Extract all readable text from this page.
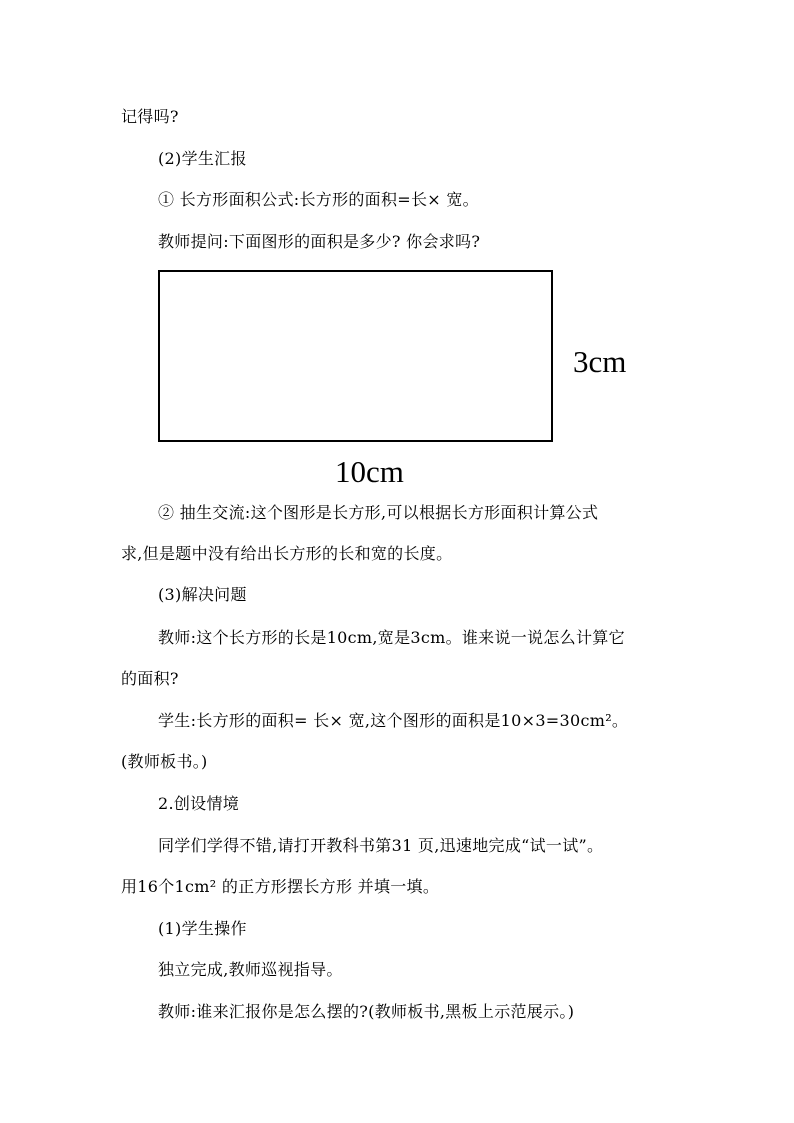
记得吗?
(2)学生汇报
① 长方形面积公式:长方形的面积=长× 宽。
教师提问:下面图形的面积是多少? 你会求吗?
3cm
10cm
② 抽生交流:这个图形是长方形,可以根据长方形面积计算公式
求,但是题中没有给出长方形的长和宽的长度。
(3)解决问题
教师:这个长方形的长是10cm,宽是3cm。谁来说一说怎么计算它
的面积?
学生:长方形的面积= 长× 宽,这个图形的面积是10×3=30cm²。
(教师板书。)
2.创设情境
同学们学得不错,请打开教科书第31 页,迅速地完成“试一试”。
用16个1cm² 的正方形摆长方形 并填一填。
(1)学生操作
独立完成,教师巡视指导。
教师:谁来汇报你是怎么摆的?(教师板书,黑板上示范展示。)
